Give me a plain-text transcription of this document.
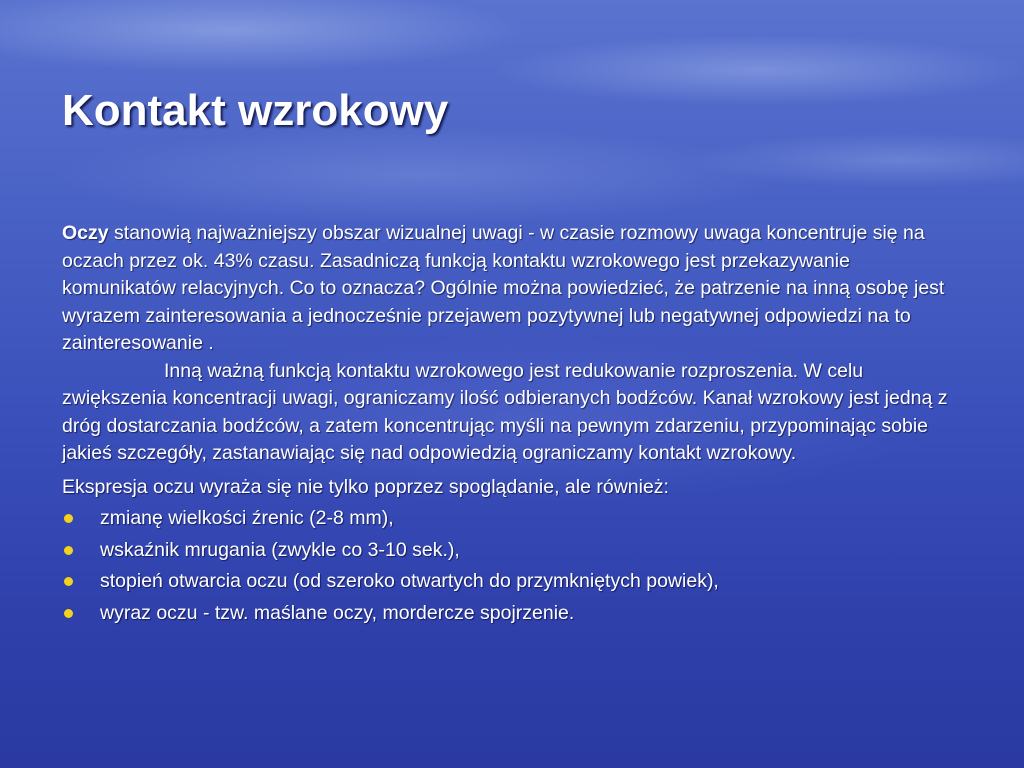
Kontakt wzrokowy

Oczy stanowią najważniejszy obszar wizualnej uwagi - w czasie rozmowy uwaga koncentruje się na oczach przez ok. 43% czasu. Zasadniczą funkcją kontaktu wzrokowego jest przekazywanie komunikatów relacyjnych. Co to oznacza? Ogólnie można powiedzieć, że patrzenie na inną osobę jest wyrazem zainteresowania a jednocześnie przejawem pozytywnej lub negatywnej odpowiedzi na to zainteresowanie .

Inną ważną funkcją kontaktu wzrokowego jest redukowanie rozproszenia. W celu zwiększenia koncentracji uwagi, ograniczamy ilość odbieranych bodźców. Kanał wzrokowy jest jedną z dróg dostarczania bodźców, a zatem koncentrując myśli na pewnym zdarzeniu, przypominając sobie jakieś szczegóły, zastanawiając się nad odpowiedzią ograniczamy kontakt wzrokowy.

Ekspresja oczu wyraża się nie tylko poprzez spoglądanie, ale również:

zmianę wielkości źrenic (2-8 mm),
wskaźnik mrugania (zwykle co 3-10 sek.),
stopień otwarcia oczu (od szeroko otwartych do przymkniętych powiek),
wyraz oczu - tzw. maślane oczy, mordercze spojrzenie.
